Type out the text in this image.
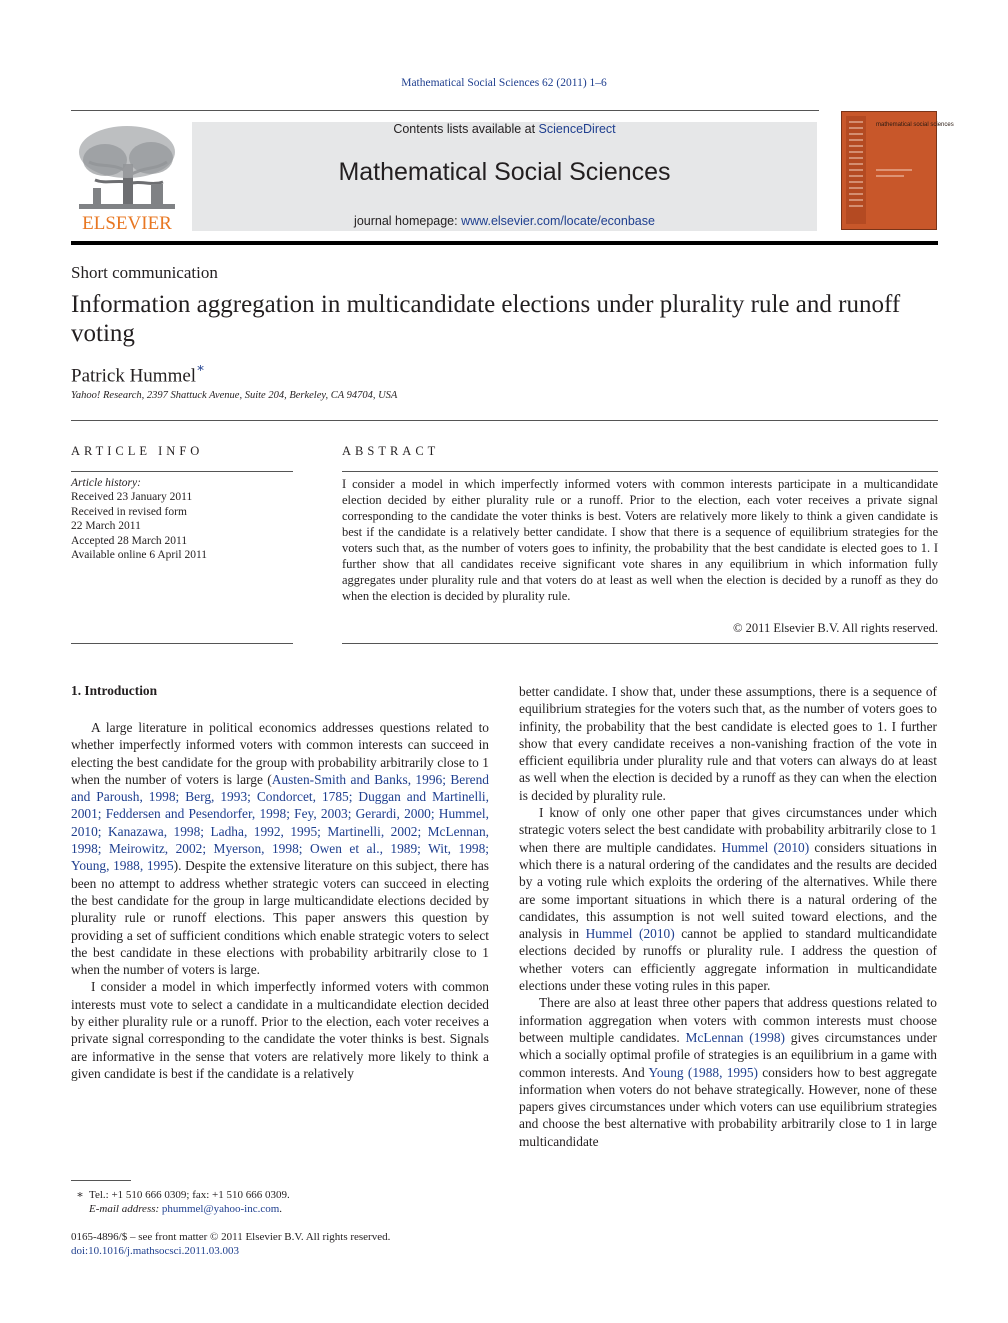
Mathematical Social Sciences 62 (2011) 1–6
ELSEVIER
Contents lists available at ScienceDirect
Mathematical Social Sciences
journal homepage: www.elsevier.com/locate/econbase
mathematical social sciences
Short communication
Information aggregation in multicandidate elections under plurality rule and runoff voting
Patrick Hummel∗
Yahoo! Research, 2397 Shattuck Avenue, Suite 204, Berkeley, CA 94704, USA
ARTICLE INFO
Article history:
Received 23 January 2011
Received in revised form
22 March 2011
Accepted 28 March 2011
Available online 6 April 2011
ABSTRACT
I consider a model in which imperfectly informed voters with common interests participate in a multicandidate election decided by either plurality rule or a runoff. Prior to the election, each voter receives a private signal corresponding to the candidate the voter thinks is best. Voters are relatively more likely to think a given candidate is best if the candidate is a relatively better candidate. I show that there is a sequence of equilibrium strategies for the voters such that, as the number of voters goes to infinity, the probability that the best candidate is elected goes to 1. I further show that all candidates receive significant vote shares in any equilibrium in which information fully aggregates under plurality rule and that voters do at least as well when the election is decided by a runoff as they do when the election is decided by plurality rule.
© 2011 Elsevier B.V. All rights reserved.
1. Introduction

A large literature in political economics addresses questions related to whether imperfectly informed voters with common interests can succeed in electing the best candidate for the group with probability arbitrarily close to 1 when the number of voters is large (Austen-Smith and Banks, 1996; Berend and Paroush, 1998; Berg, 1993; Condorcet, 1785; Duggan and Martinelli, 2001; Feddersen and Pesendorfer, 1998; Fey, 2003; Gerardi, 2000; Hummel, 2010; Kanazawa, 1998; Ladha, 1992, 1995; Martinelli, 2002; McLennan, 1998; Meirowitz, 2002; Myerson, 1998; Owen et al., 1989; Wit, 1998; Young, 1988, 1995). Despite the extensive literature on this subject, there has been no attempt to address whether strategic voters can succeed in electing the best candidate for the group in large multicandidate elections decided by plurality rule or runoff elections. This paper answers this question by providing a set of sufficient conditions which enable strategic voters to select the best candidate in these elections with probability arbitrarily close to 1 when the number of voters is large.

I consider a model in which imperfectly informed voters with common interests must vote to select a candidate in a multicandidate election decided by either plurality rule or a runoff. Prior to the election, each voter receives a private signal corresponding to the candidate the voter thinks is best. Signals are informative in the sense that voters are relatively more likely to think a given candidate is best if the candidate is a relatively

better candidate. I show that, under these assumptions, there is a sequence of equilibrium strategies for the voters such that, as the number of voters goes to infinity, the probability that the best candidate is elected goes to 1. I further show that every candidate receives a non-vanishing fraction of the vote in efficient equilibria under plurality rule and that voters can always do at least as well when the election is decided by a runoff as they can when the election is decided by plurality rule.

I know of only one other paper that gives circumstances under which strategic voters select the best candidate with probability arbitrarily close to 1 when there are multiple candidates. Hummel (2010) considers situations in which there is a natural ordering of the candidates and the results are decided by a voting rule which exploits the ordering of the alternatives. While there are some important situations in which there is a natural ordering of the candidates, this assumption is not well suited toward elections, and the analysis in Hummel (2010) cannot be applied to standard multicandidate elections decided by runoffs or plurality rule. I address the question of whether voters can efficiently aggregate information in multicandidate elections under these voting rules in this paper.

There are also at least three other papers that address questions related to information aggregation when voters with common interests must choose between multiple candidates. McLennan (1998) gives circumstances under which a socially optimal profile of strategies is an equilibrium in a game with common interests. And Young (1988, 1995) considers how to best aggregate information when voters do not behave strategically. However, none of these papers gives circumstances under which voters can use equilibrium strategies and choose the best alternative with probability arbitrarily close to 1 in large multicandidate

∗ Tel.: +1 510 666 0309; fax: +1 510 666 0309.
E-mail address: phummel@yahoo-inc.com.
0165-4896/$ – see front matter © 2011 Elsevier B.V. All rights reserved.
doi:10.1016/j.mathsocsci.2011.03.003
